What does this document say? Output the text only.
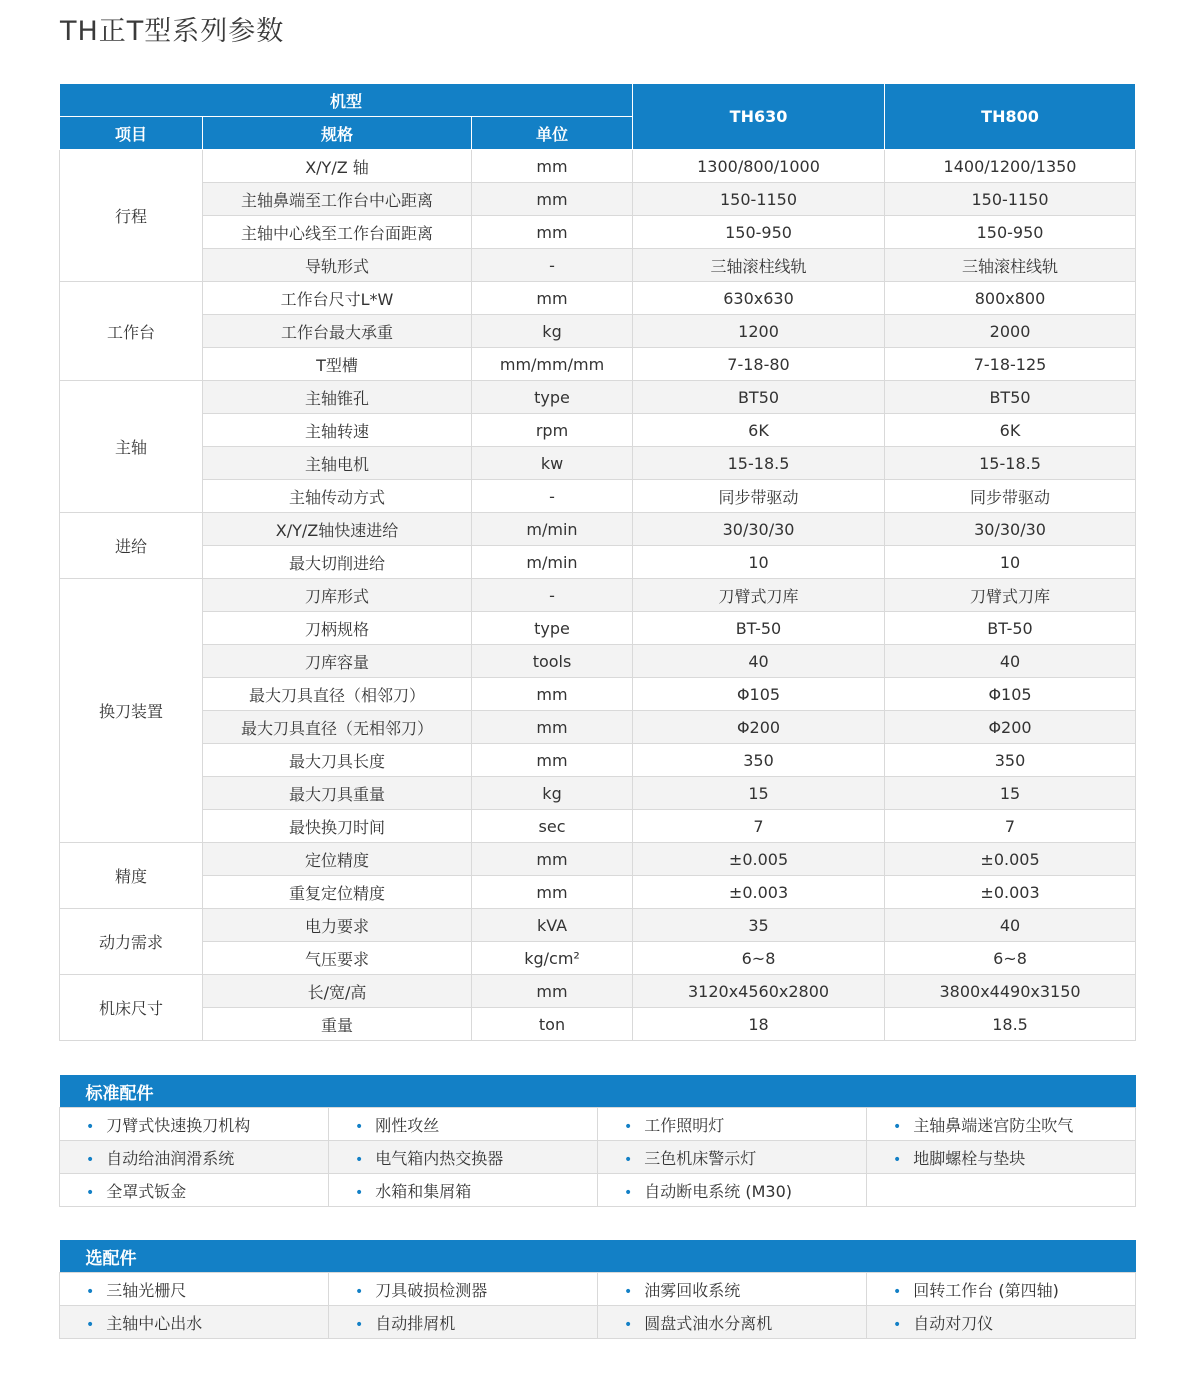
TH正T型系列参数
机型			TH630	TH800
项目	规格	单位		
行程	X/Y/Z 轴	mm	1300/800/1000	1400/1200/1350
	主轴鼻端至工作台中心距离	mm	150-1150	150-1150
	主轴中心线至工作台面距离	mm	150-950	150-950
	导轨形式	-	三轴滚柱线轨	三轴滚柱线轨
工作台	工作台尺寸L*W	mm	630x630	800x800
	工作台最大承重	kg	1200	2000
	T型槽	mm/mm/mm	7-18-80	7-18-125
主轴	主轴锥孔	type	BT50	BT50
	主轴转速	rpm	6K	6K
	主轴电机	kw	15-18.5	15-18.5
	主轴传动方式	-	同步带驱动	同步带驱动
进给	X/Y/Z轴快速进给	m/min	30/30/30	30/30/30
	最大切削进给	m/min	10	10
换刀装置	刀库形式	-	刀臂式刀库	刀臂式刀库
	刀柄规格	type	BT-50	BT-50
	刀库容量	tools	40	40
	最大刀具直径（相邻刀）	mm	Φ105	Φ105
	最大刀具直径（无相邻刀）	mm	Φ200	Φ200
	最大刀具长度	mm	350	350
	最大刀具重量	kg	15	15
	最快换刀时间	sec	7	7
精度	定位精度	mm	±0.005	±0.005
	重复定位精度	mm	±0.003	±0.003
动力需求	电力要求	kVA	35	40
	气压要求	kg/cm²	6~8	6~8
机床尺寸	长/宽/高	mm	3120x4560x2800	3800x4490x3150
	重量	ton	18	18.5
标准配件			
• 刀臂式快速换刀机构	• 刚性攻丝	• 工作照明灯	• 主轴鼻端迷宫防尘吹气
• 自动给油润滑系统	• 电气箱内热交换器	• 三色机床警示灯	• 地脚螺栓与垫块
• 全罩式钣金	• 水箱和集屑箱	• 自动断电系统 (M30)	
选配件			
• 三轴光栅尺	• 刀具破损检测器	• 油雾回收系统	• 回转工作台 (第四轴)
• 主轴中心出水	• 自动排屑机	• 圆盘式油水分离机	• 自动对刀仪
